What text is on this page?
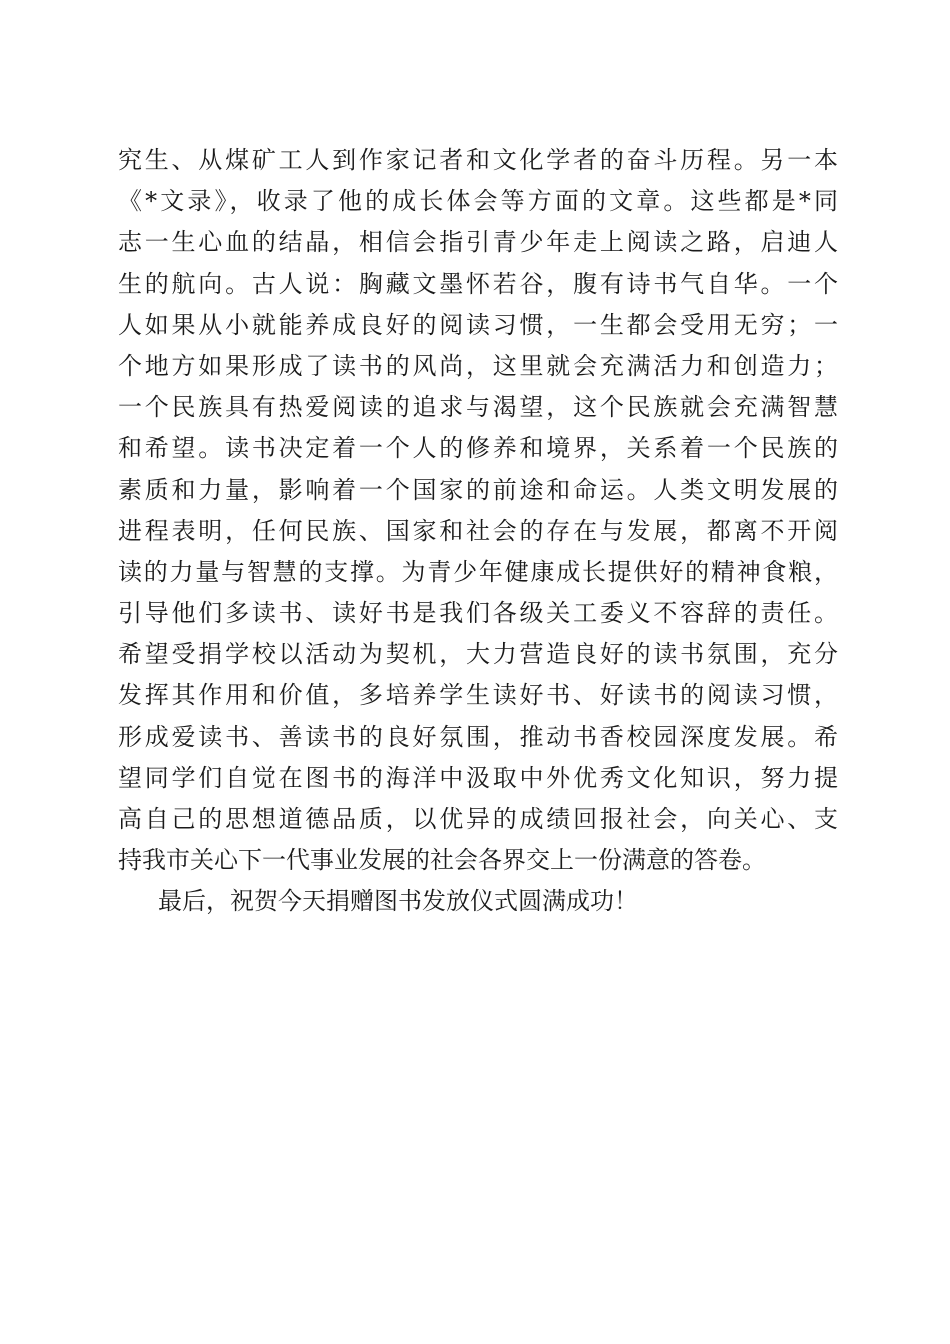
究生、从煤矿工人到作家记者和文化学者的奋斗历程。另一本
《*文录》，收录了他的成长体会等方面的文章。这些都是*同
志一生心血的结晶，相信会指引青少年走上阅读之路，启迪人
生的航向。古人说：胸藏文墨怀若谷，腹有诗书气自华。一个
人如果从小就能养成良好的阅读习惯，一生都会受用无穷；一
个地方如果形成了读书的风尚，这里就会充满活力和创造力；
一个民族具有热爱阅读的追求与渴望，这个民族就会充满智慧
和希望。读书决定着一个人的修养和境界，关系着一个民族的
素质和力量，影响着一个国家的前途和命运。人类文明发展的
进程表明，任何民族、国家和社会的存在与发展，都离不开阅
读的力量与智慧的支撑。为青少年健康成长提供好的精神食粮，
引导他们多读书、读好书是我们各级关工委义不容辞的责任。
希望受捐学校以活动为契机，大力营造良好的读书氛围，充分
发挥其作用和价值，多培养学生读好书、好读书的阅读习惯，
形成爱读书、善读书的良好氛围，推动书香校园深度发展。希
望同学们自觉在图书的海洋中汲取中外优秀文化知识，努力提
高自己的思想道德品质，以优异的成绩回报社会，向关心、支
持我市关心下一代事业发展的社会各界交上一份满意的答卷。
最后，祝贺今天捐赠图书发放仪式圆满成功！
